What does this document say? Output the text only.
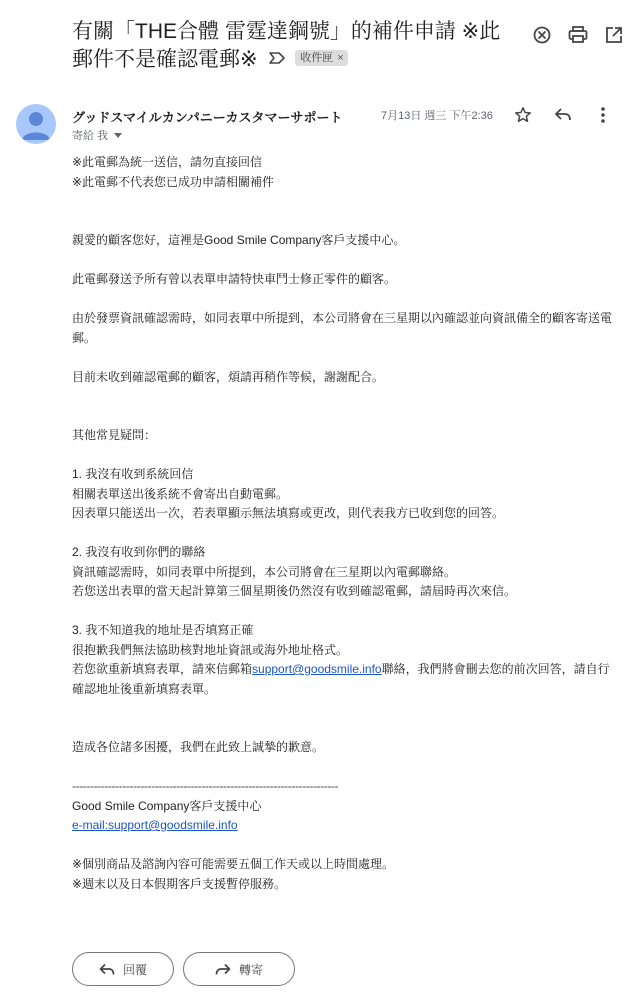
有關「THE合體 雷霆達鋼號」的補件申請 ※此郵件不是確認電郵※	收件匣 ×
グッドスマイルカンパニーカスタマーサポート	7月13日 週三 下午2:36
寄給 我

※此電郵為統一送信，請勿直接回信

※此電郵不代表您已成功申請相關補件

親愛的顧客您好，這裡是Good Smile Company客戶支援中心。

此電郵發送予所有曾以表單申請特快車鬥士修正零件的顧客。

由於發票資訊確認需時，如同表單中所提到，本公司將會在三星期以內確認並向資訊備全的顧客寄送電郵。

目前未收到確認電郵的顧客，煩請再稍作等候，謝謝配合。

其他常見疑問：

1. 我沒有收到系統回信

相關表單送出後系統不會寄出自動電郵。

因表單只能送出一次，若表單顯示無法填寫或更改，則代表我方已收到您的回答。

2. 我沒有收到你們的聯絡

資訊確認需時，如同表單中所提到，本公司將會在三星期以內電郵聯絡。

若您送出表單的當天起計算第三個星期後仍然沒有收到確認電郵，請屆時再次來信。

3. 我不知道我的地址是否填寫正確

很抱歉我們無法協助核對地址資訊或海外地址格式。

若您欲重新填寫表單，請來信郵箱support@goodsmile.info聯絡，我們將會刪去您的前次回答，請自行確認地址後重新填寫表單。

造成各位諸多困擾，我們在此致上誠摯的歉意。

--------------------------------------------------------------------------

Good Smile Company客戶支援中心

e-mail:support@goodsmile.info

※個別商品及諮詢內容可能需要五個工作天或以上時間處理。

※週末以及日本假期客戶支援暫停服務。

回覆	轉寄
